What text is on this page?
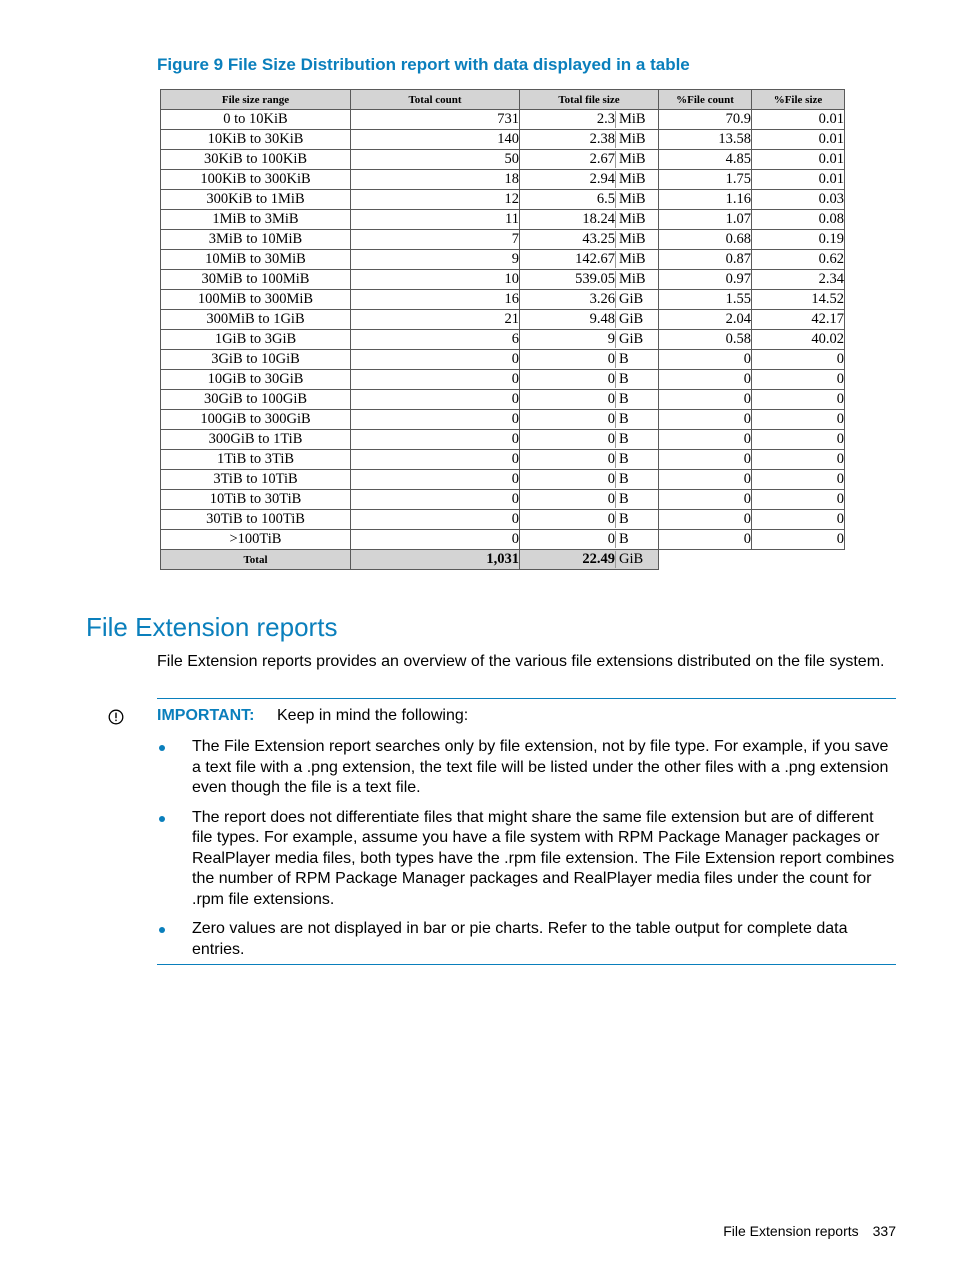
Figure 9 File Size Distribution report with data displayed in a table
File size range	Total count	Total file size	%File count	%File size
0 to 10KiB	731	2.3 MiB	70.9	0.01
10KiB to 30KiB	140	2.38 MiB	13.58	0.01
30KiB to 100KiB	50	2.67 MiB	4.85	0.01
100KiB to 300KiB	18	2.94 MiB	1.75	0.01
300KiB to 1MiB	12	6.5 MiB	1.16	0.03
1MiB to 3MiB	11	18.24 MiB	1.07	0.08
3MiB to 10MiB	7	43.25 MiB	0.68	0.19
10MiB to 30MiB	9	142.67 MiB	0.87	0.62
30MiB to 100MiB	10	539.05 MiB	0.97	2.34
100MiB to 300MiB	16	3.26 GiB	1.55	14.52
300MiB to 1GiB	21	9.48 GiB	2.04	42.17
1GiB to 3GiB	6	9 GiB	0.58	40.02
3GiB to 10GiB	0	0 B	0	0
10GiB to 30GiB	0	0 B	0	0
30GiB to 100GiB	0	0 B	0	0
100GiB to 300GiB	0	0 B	0	0
300GiB to 1TiB	0	0 B	0	0
1TiB to 3TiB	0	0 B	0	0
3TiB to 10TiB	0	0 B	0	0
10TiB to 30TiB	0	0 B	0	0
30TiB to 100TiB	0	0 B	0	0
>100TiB	0	0 B	0	0
Total	1,031	22.49 GiB		

File Extension reports

File Extension reports provides an overview of the various file extensions distributed on the file system.

IMPORTANT: Keep in mind the following:
The File Extension report searches only by file extension, not by file type. For example, if you save a text file with a .png extension, the text file will be listed under the other files with a .png extension even though the file is a text file.
The report does not differentiate files that might share the same file extension but are of different file types. For example, assume you have a file system with RPM Package Manager packages or RealPlayer media files, both types have the .rpm file extension. The File Extension report combines the number of RPM Package Manager packages and RealPlayer media files under the count for .rpm file extensions.
Zero values are not displayed in bar or pie charts. Refer to the table output for complete data entries.
File Extension reports 337
